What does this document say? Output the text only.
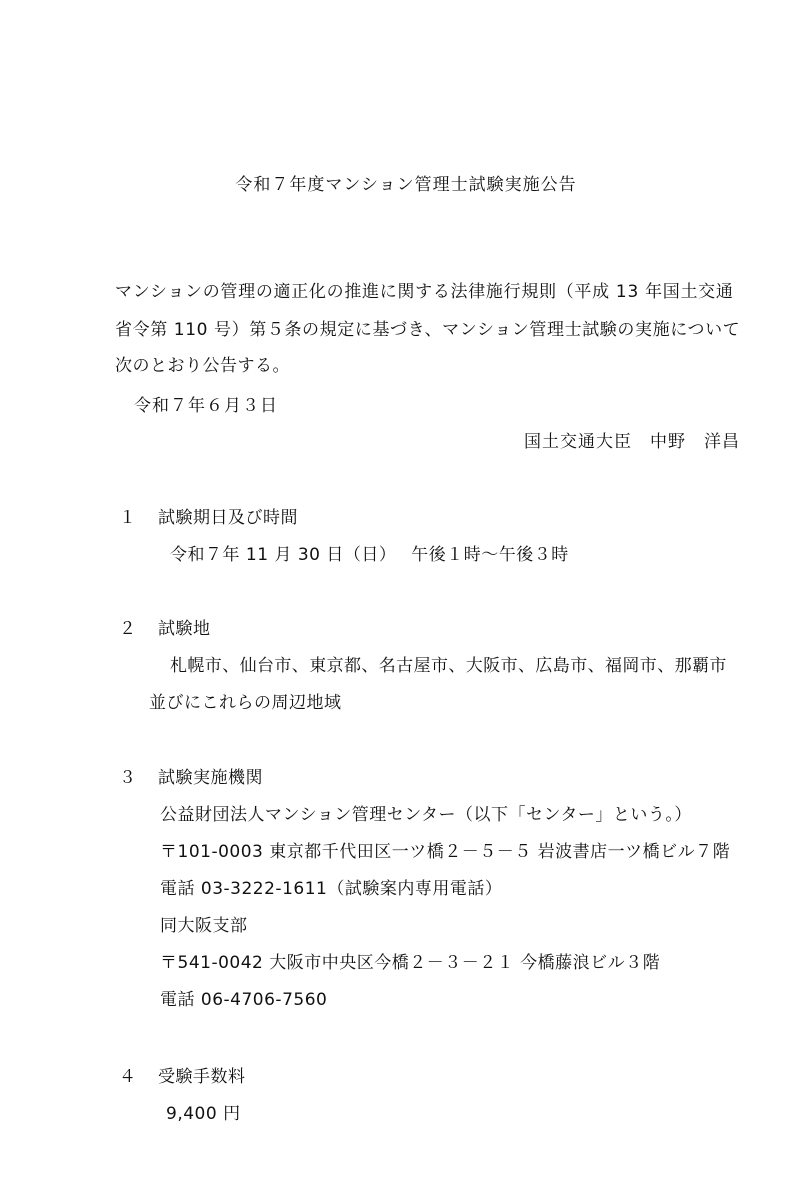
令和７年度マンション管理士試験実施公告
マンションの管理の適正化の推進に関する法律施行規則（平成 13 年国土交通
省令第 110 号）第５条の規定に基づき、マンション管理士試験の実施について
次のとおり公告する。
令和７年６月３日
国土交通大臣　中野　洋昌
１ 試験期日及び時間
令和７年 11 月 30 日（日）　 午後１時～午後３時
２ 試験地
札幌市、仙台市、東京都、名古屋市、大阪市、広島市、福岡市、那覇市
並びにこれらの周辺地域
３ 試験実施機関
公益財団法人マンション管理センター（以下「センター」という。）
〒101-0003 東京都千代田区一ツ橋２－５－５ 岩波書店一ツ橋ビル７階
電話 03-3222-1611（試験案内専用電話）
同大阪支部
〒541-0042 大阪市中央区今橋２－３－２１ 今橋藤浪ビル３階
電話 06-4706-7560
４ 受験手数料
9,400 円
